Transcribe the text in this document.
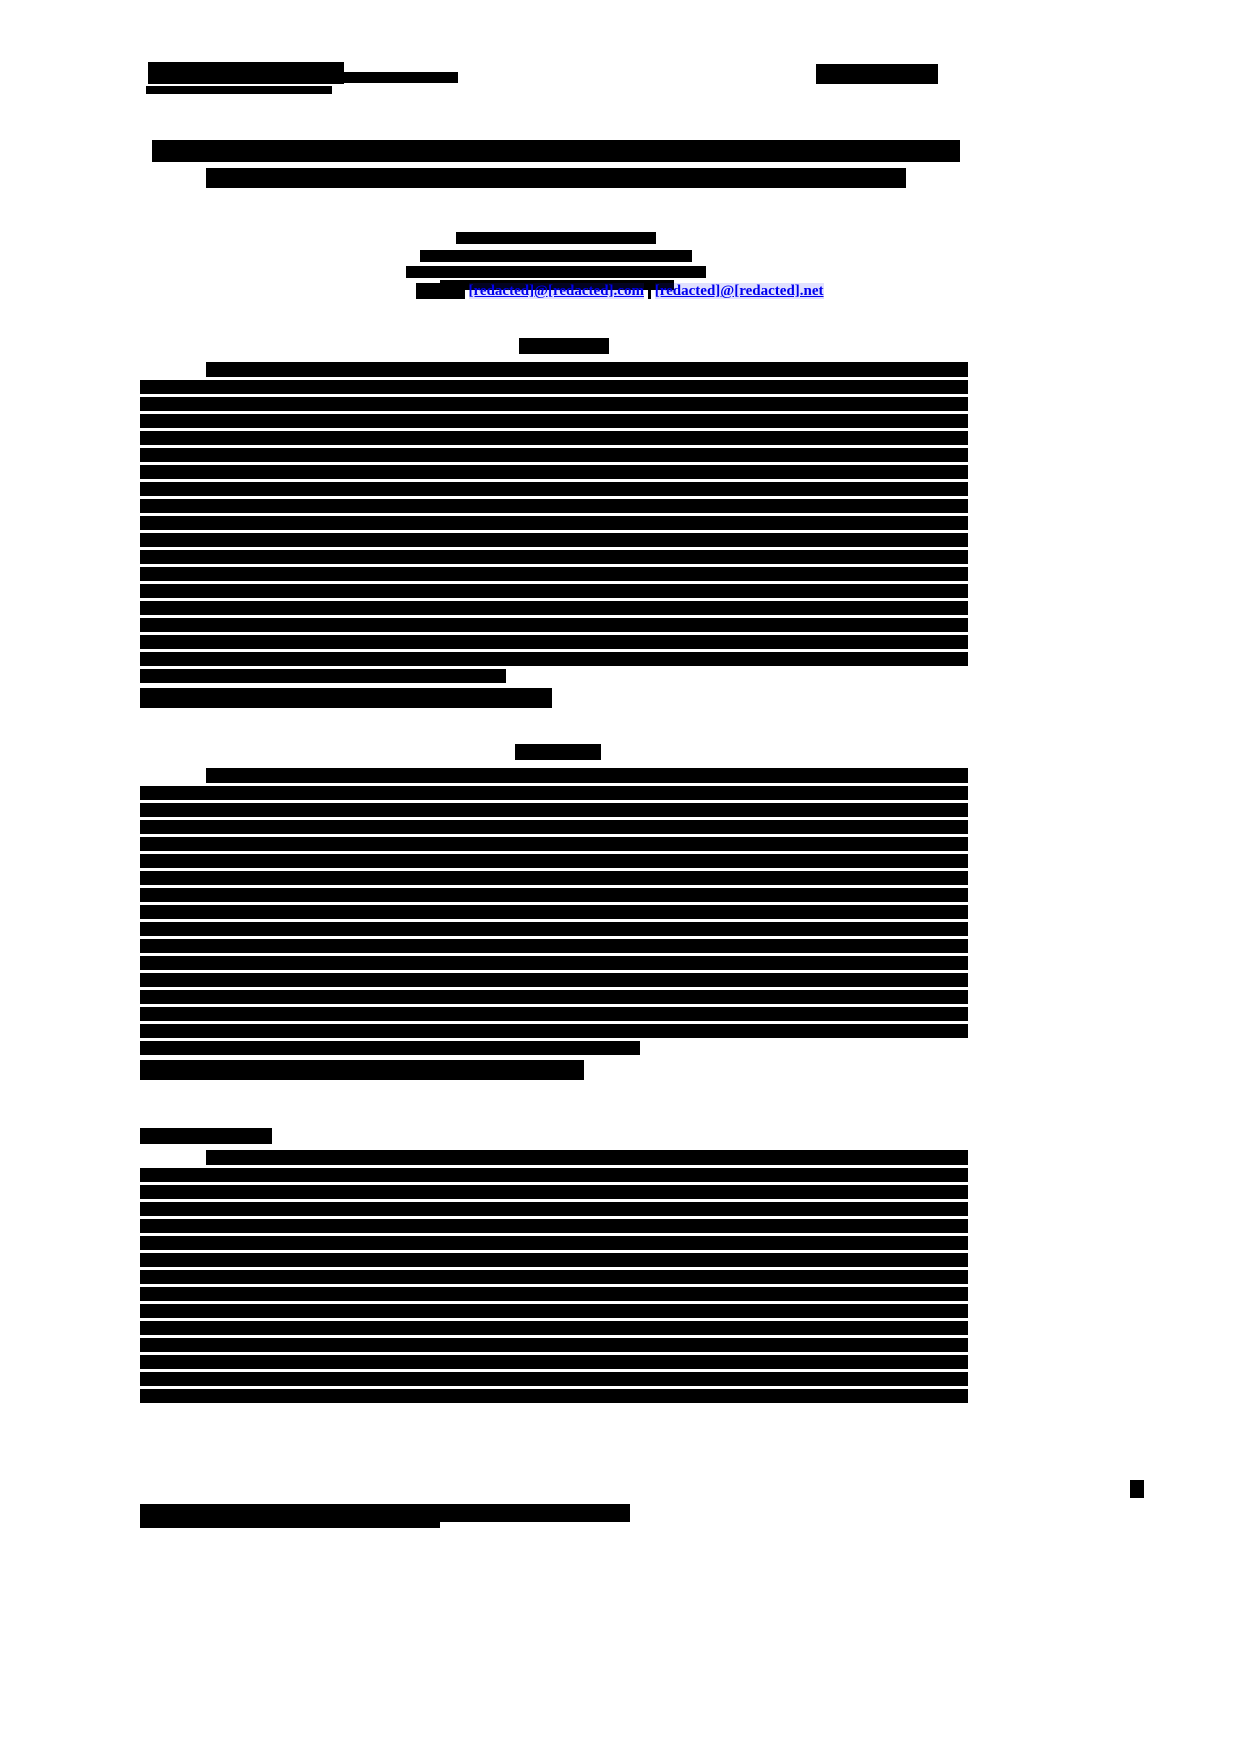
[redacted]@[redacted].com [redacted]@[redacted].net
